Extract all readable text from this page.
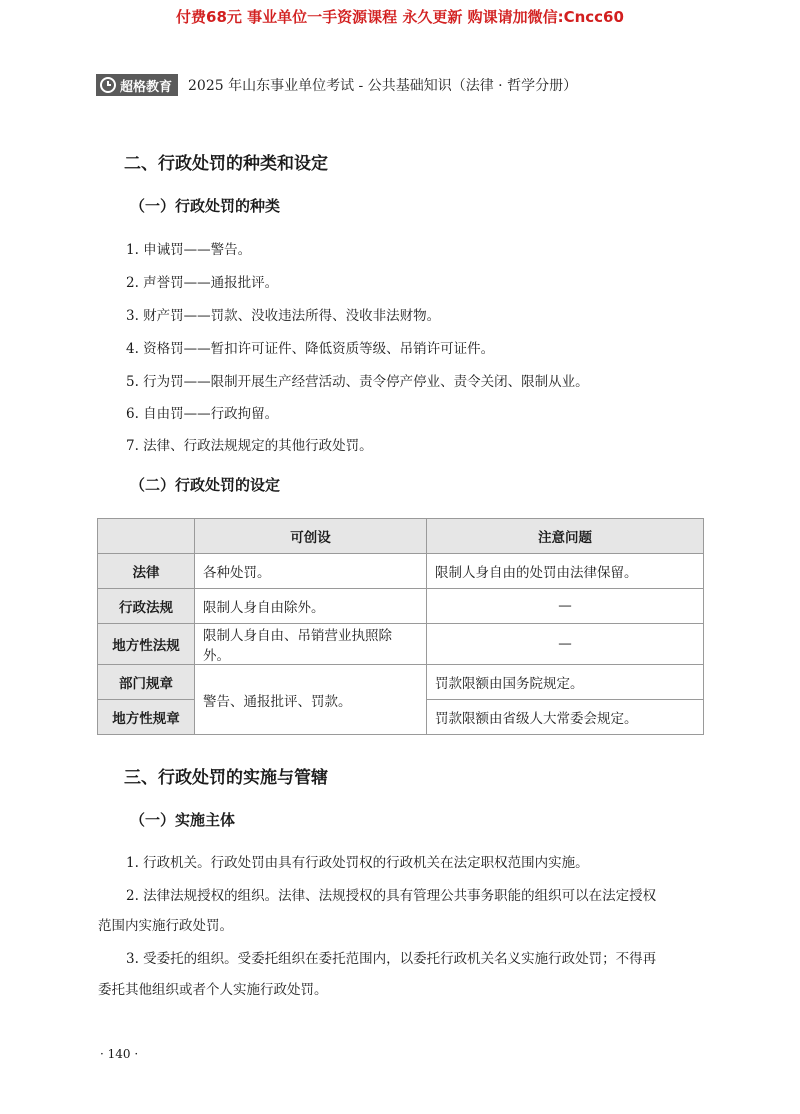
付费68元 事业单位一手资源课程 永久更新 购课请加微信:Cncc60
超格教育 2025 年山东事业单位考试 - 公共基础知识（法律 · 哲学分册）
二、行政处罚的种类和设定
（一）行政处罚的种类
1. 申诫罚——警告。
2. 声誉罚——通报批评。
3. 财产罚——罚款、没收违法所得、没收非法财物。
4. 资格罚——暂扣许可证件、降低资质等级、吊销许可证件。
5. 行为罚——限制开展生产经营活动、责令停产停业、责令关闭、限制从业。
6. 自由罚——行政拘留。
7. 法律、行政法规规定的其他行政处罚。
（二）行政处罚的设定
	可创设	注意问题
法律	各种处罚。	限制人身自由的处罚由法律保留。
行政法规	限制人身自由除外。	—
地方性法规	限制人身自由、吊销营业执照除外。	—
部门规章	警告、通报批评、罚款。	罚款限额由国务院规定。
地方性规章		罚款限额由省级人大常委会规定。
三、行政处罚的实施与管辖
（一）实施主体
1. 行政机关。行政处罚由具有行政处罚权的行政机关在法定职权范围内实施。
2. 法律法规授权的组织。法律、法规授权的具有管理公共事务职能的组织可以在法定授权
范围内实施行政处罚。
3. 受委托的组织。受委托组织在委托范围内，以委托行政机关名义实施行政处罚；不得再
委托其他组织或者个人实施行政处罚。
· 140 ·
